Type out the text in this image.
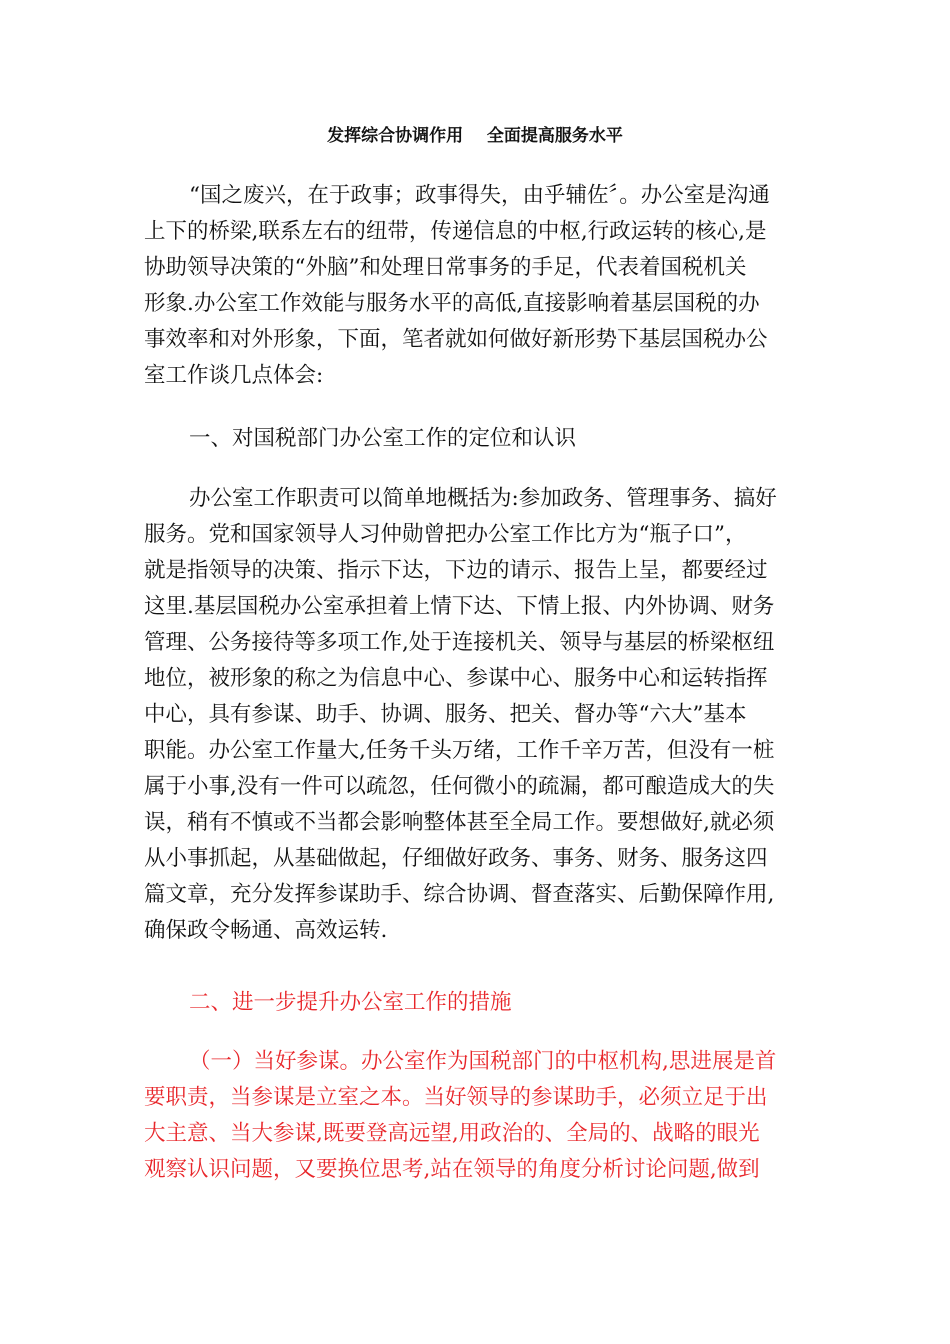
发挥综合协调作用    全面提高服务水平
“国之废兴，在于政事；政事得失，由乎辅佐〞。办公室是沟通
上下的桥梁,联系左右的纽带，传递信息的中枢,行政运转的核心,是
协助领导决策的“外脑”和处理日常事务的手足，代表着国税机关
形象.办公室工作效能与服务水平的高低,直接影响着基层国税的办
事效率和对外形象，下面，笔者就如何做好新形势下基层国税办公
室工作谈几点体会:
一、对国税部门办公室工作的定位和认识
办公室工作职责可以简单地概括为:参加政务、管理事务、搞好
服务。党和国家领导人习仲勋曾把办公室工作比方为“瓶子口”，
就是指领导的决策、指示下达，下边的请示、报告上呈，都要经过
这里.基层国税办公室承担着上情下达、下情上报、内外协调、财务
管理、公务接待等多项工作,处于连接机关、领导与基层的桥梁枢纽
地位，被形象的称之为信息中心、参谋中心、服务中心和运转指挥
中心，具有参谋、助手、协调、服务、把关、督办等“六大”基本
职能。办公室工作量大,任务千头万绪，工作千辛万苦，但没有一桩
属于小事,没有一件可以疏忽，任何微小的疏漏，都可酿造成大的失
误，稍有不慎或不当都会影响整体甚至全局工作。要想做好,就必须
从小事抓起，从基础做起，仔细做好政务、事务、财务、服务这四
篇文章，充分发挥参谋助手、综合协调、督查落实、后勤保障作用,
确保政令畅通、高效运转.
二、进一步提升办公室工作的措施
（一）当好参谋。办公室作为国税部门的中枢机构,思进展是首
要职责，当参谋是立室之本。当好领导的参谋助手，必须立足于出
大主意、当大参谋,既要登高远望,用政治的、全局的、战略的眼光
观察认识问题，又要换位思考,站在领导的角度分析讨论问题,做到
